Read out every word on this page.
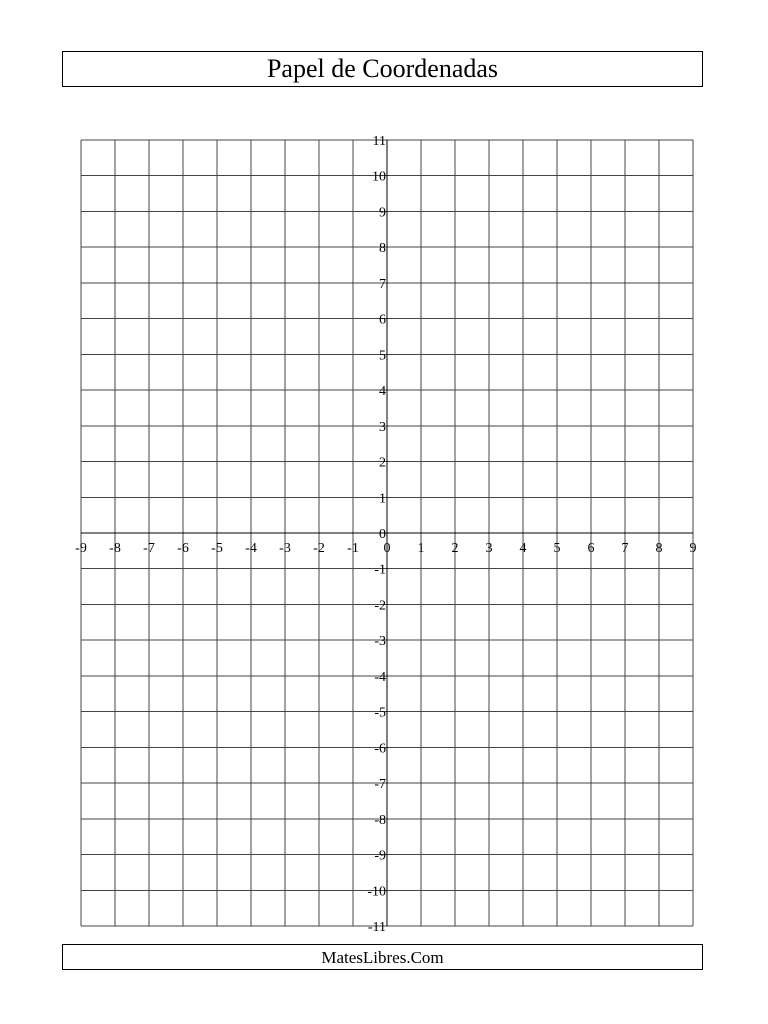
Papel de Coordenadas
-9 -8 -7 -6 -5 -4 -3 -2 -1 0 1 2 3 4 5 6 7 8 9
11
10
9
8
7
6
5
4
3
2
1
0
-1
-2
-3
-4
-5
-6
-7
-8
-9
-10
-11
MatesLibres.Com
